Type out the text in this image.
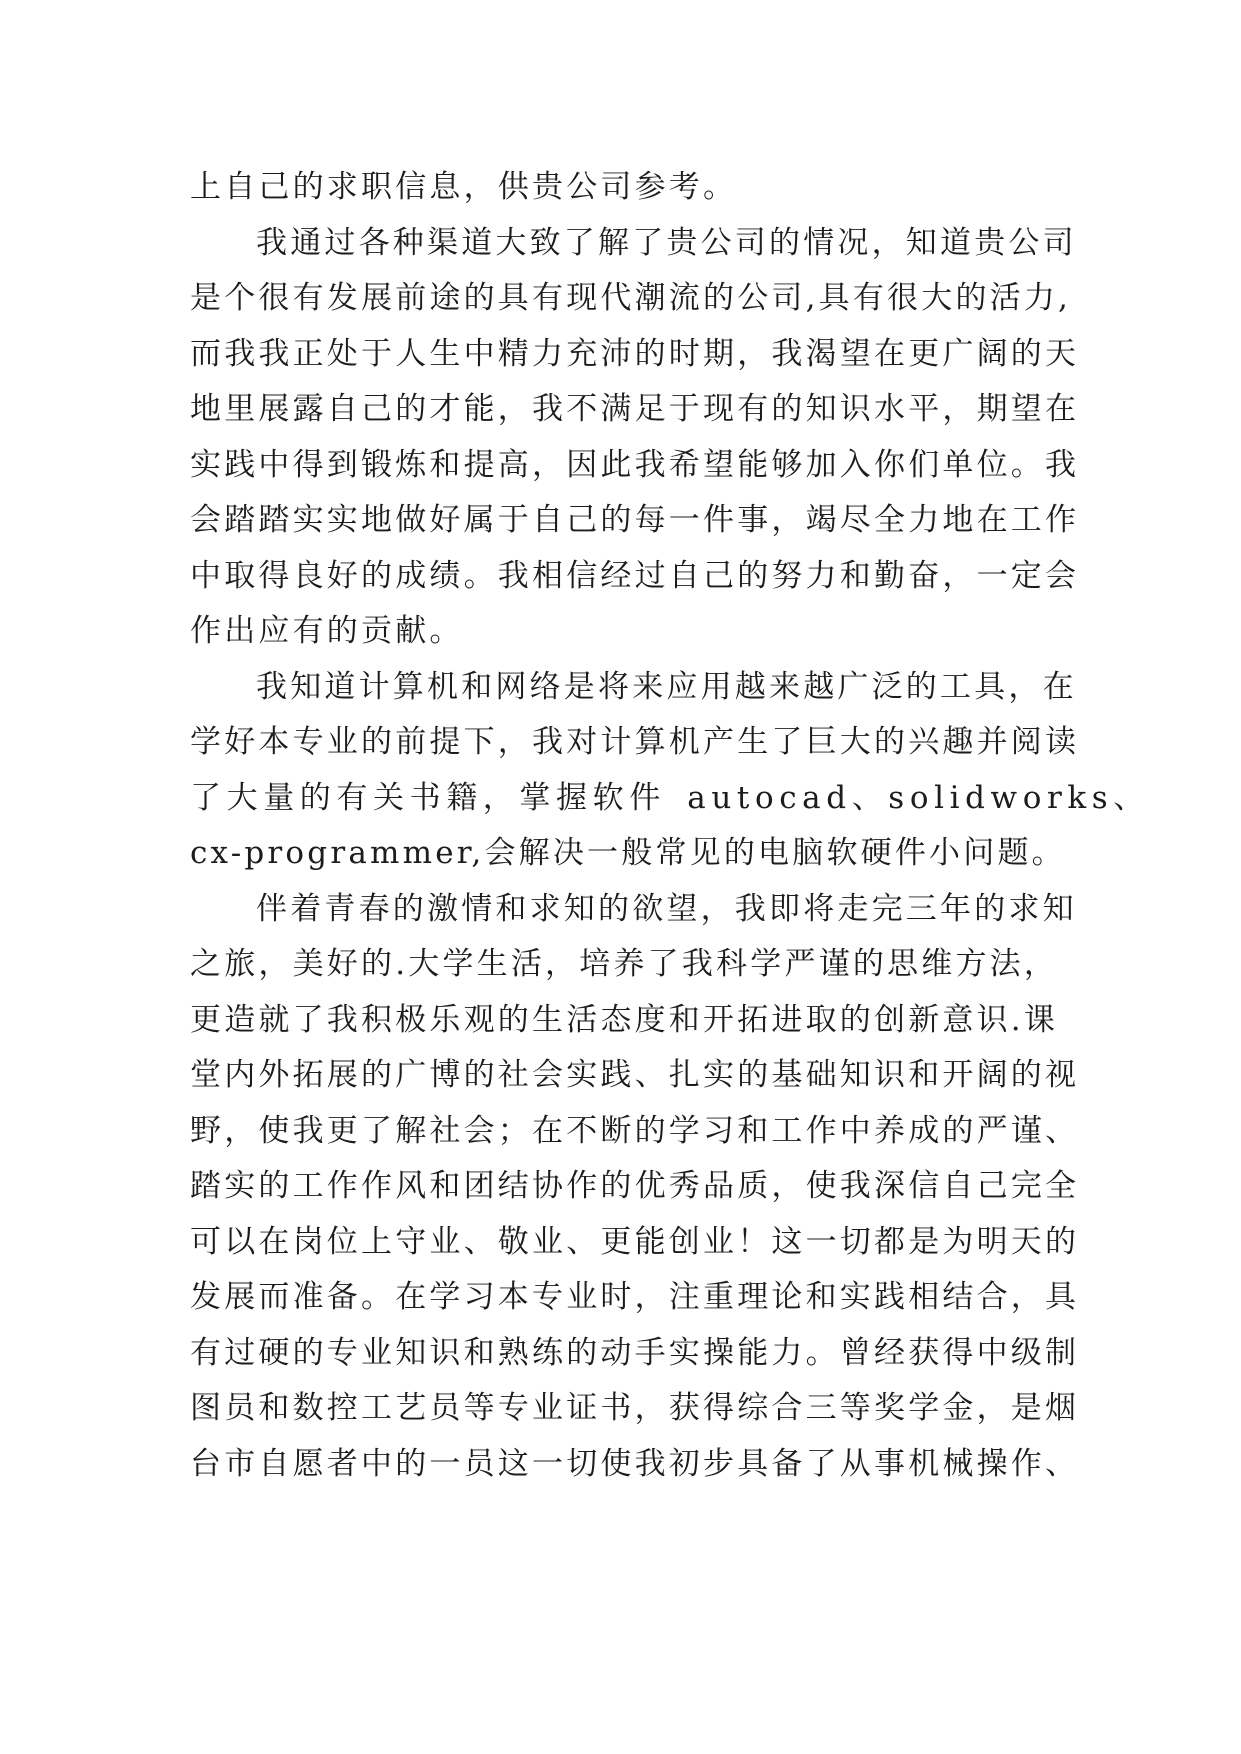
上自己的求职信息，供贵公司参考。
我通过各种渠道大致了解了贵公司的情况，知道贵公司
是个很有发展前途的具有现代潮流的公司,具有很大的活力,
而我我正处于人生中精力充沛的时期，我渴望在更广阔的天
地里展露自己的才能，我不满足于现有的知识水平，期望在
实践中得到锻炼和提高，因此我希望能够加入你们单位。我
会踏踏实实地做好属于自己的每一件事，竭尽全力地在工作
中取得良好的成绩。我相信经过自己的努力和勤奋，一定会
作出应有的贡献。
我知道计算机和网络是将来应用越来越广泛的工具，在
学好本专业的前提下，我对计算机产生了巨大的兴趣并阅读
了大量的有关书籍，掌握软件 autocad、solidworks、
cx-programmer,会解决一般常见的电脑软硬件小问题。
伴着青春的激情和求知的欲望，我即将走完三年的求知
之旅，美好的.大学生活，培养了我科学严谨的思维方法，
更造就了我积极乐观的生活态度和开拓进取的创新意识.课
堂内外拓展的广博的社会实践、扎实的基础知识和开阔的视
野，使我更了解社会；在不断的学习和工作中养成的严谨、
踏实的工作作风和团结协作的优秀品质，使我深信自己完全
可以在岗位上守业、敬业、更能创业！这一切都是为明天的
发展而准备。在学习本专业时，注重理论和实践相结合，具
有过硬的专业知识和熟练的动手实操能力。曾经获得中级制
图员和数控工艺员等专业证书，获得综合三等奖学金，是烟
台市自愿者中的一员这一切使我初步具备了从事机械操作、
